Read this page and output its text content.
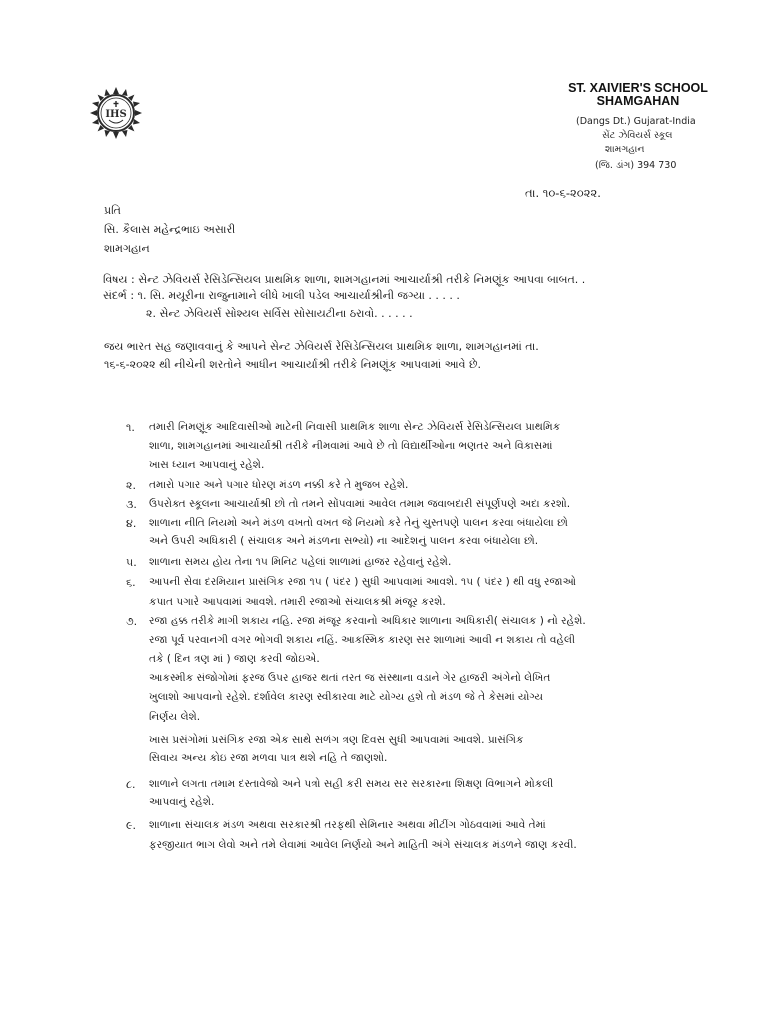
IHS
ST. XAIVIER'S SCHOOL
SHAMGAHAN
(Dangs Dt.) Gujarat-India
સેંટ ઝેવિયર્સ સ્કૂલ
શામગહાન
(જિ. ડાંગ) 394 730
તા. ૧૦-૬-૨૦૨૨.
પ્રતિ
સિ. કૈલાસ મહેન્દ્રભાઇ અસારી
શામગહાન
વિષય : સેન્ટ ઝેવિયર્સ રેસિડેન્સિયલ પ્રાથમિક શાળા, શામગહાનમાં આચાર્યાશ્રી તરીકે નિમણૂંક આપવા બાબત. .
સંદર્ભ : ૧. સિ. મયૂરીના રાજુનામાને લીધે ખાલી પડેલ આચાર્યાશ્રીની જગ્યા . . . . .
૨. સેન્ટ ઝેવિયર્સ સોશ્યલ સર્વિસ સોસાયટીના ઠરાવો. . . . . .
જય ભારત સહ જણાવવાનું કે આપને સેન્ટ ઝેવિયર્સ રેસિડેન્સિયલ પ્રાથમિક શાળા, શામગહાનમાં તા.
૧૬-૬-૨૦૨૨ થી નીચેની શરતોને આધીન આચાર્યાશ્રી તરીકે નિમણૂંક આપવામાં આવે છે.
૧. તમારી નિમણૂંક આદિવાસીઓ માટેની નિવાસી પ્રાથમિક શાળા સેન્ટ ઝેવિયર્સ રેસિડેન્સિયલ પ્રાથમિક
શાળા, શામગહાનમાં આચાર્યાશ્રી તરીકે નીમવામાં આવે છે તો વિદ્યાર્થીઓના ભણતર અને વિકાસમાં
ખાસ ધ્યાન આપવાનું રહેશે.
૨. તમારો પગાર અને પગાર ધોરણ મંડળ નક્કી કરે તે મુજબ રહેશે.
૩. ઉપરોક્ત સ્કૂલના આચાર્યાશ્રી છો તો તમને સોંપવામાં આવેલ તમામ જવાબદારી સંપૂર્ણપણે અદા કરશો.
૪. શાળાના નીતિ નિયમો અને મંડળ વખતો વખત જે નિયમો કરે તેનું ચુસ્તપણે પાલન કરવા બંધાયેલા છો
અને ઉપરી અધિકારી ( સંચાલક અને મંડળના સભ્યો) ના આદેશનું પાલન કરવા બંધાયેલા છો.
૫. શાળાના સમય હોય તેના ૧૫ મિનિટ પહેલાં શાળામાં હાજર રહેવાનું રહેશે.
૬. આપની સેવા દરમિયાન પ્રાસંગિક રજા ૧૫ ( પંદર ) સુધી આપવામાં આવશે. ૧૫ ( પંદર ) થી વધુ રજાઓ
કપાત પગારે આપવામાં આવશે. તમારી રજાઓ સંચાલકશ્રી મંજૂર કરશે.
૭. રજા હક્ક તરીકે માગી શકાય નહિ. રજા મંજૂર કરવાનો અધિકાર શાળાના અધિકારી( સંચાલક ) નો રહેશે.
રજા પૂર્વ પરવાનગી વગર ભોગવી શકાય નહિં. આકસ્મિક કારણ સર શાળામાં આવી ન શકાય તો વહેલી
તકે ( દિન ત્રણ માં ) જાણ કરવી જોઇએ.
આકસ્મીક સંજોગોમાં ફરજ ઉપર હાજર થતાં તરત જ સંસ્થાના વડાને ગેર હાજરી અંગેનો લેખિત
ખુલાશો આપવાનો રહેશે. દર્શાવેલ કારણ સ્વીકારવા માટે યોગ્ય હશે તો મંડળ જે તે કેસમાં યોગ્ય
નિર્ણય લેશે.
ખાસ પ્રસંગોમાં પ્રસંગિક રજા એક સાથે સળંગ ત્રણ દિવસ સુધી આપવામાં આવશે. પ્રાસંગિક
સિવાય અન્ય કોઇ રજા મળવા પાત્ર થશે નહિ તે જાણશો.
૮. શાળાને લગતા તમામ દસ્તાવેજો અને પત્રો સહી કરી સમય સર સરકારના શિક્ષણ વિભાગને મોકલી
આપવાનું રહેશે.
૯. શાળાના સંચાલક મંડળ અથવા સરકારશ્રી તરફથી સેમિનાર અથવા મીટીંગ ગોઠવવામાં આવે તેમાં
ફરજીયાત ભાગ લેવો અને તમે લેવામાં આવેલ નિર્ણયો અને માહિતી અંગે સંચાલક મંડળને જાણ કરવી.
